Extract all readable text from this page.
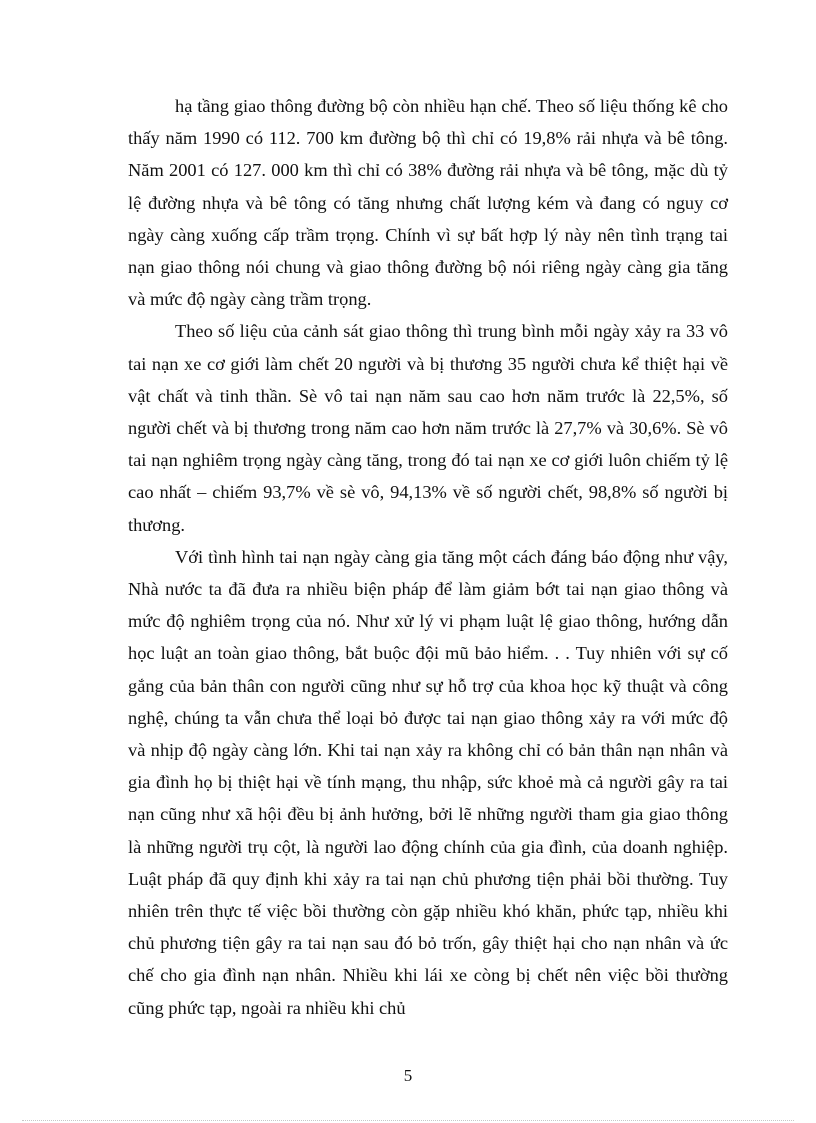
hạ tầng giao thông đường bộ còn nhiều hạn chế. Theo số liệu thống kê cho thấy năm 1990 có 112. 700 km đường bộ thì chỉ có 19,8% rải nhựa và bê tông. Năm 2001 có 127. 000 km thì chỉ có 38% đường rải nhựa và bê tông, mặc dù tỷ lệ đường nhựa và bê tông có tăng nhưng chất lượng kém và đang có nguy cơ ngày càng xuống cấp trầm trọng. Chính vì sự bất hợp lý này nên tình trạng tai nạn giao thông nói chung và giao thông đường bộ nói riêng ngày càng gia tăng và mức độ ngày càng trầm trọng.

Theo số liệu của cảnh sát giao thông thì trung bình mỗi ngày xảy ra 33 vô tai nạn xe cơ giới làm chết 20 người và bị thương 35 người chưa kể thiệt hại về vật chất và tinh thần. Sè vô tai nạn năm sau cao hơn năm trước là 22,5%, số người chết và bị thương trong năm cao hơn năm trước là 27,7% và 30,6%. Sè vô tai nạn nghiêm trọng ngày càng tăng, trong đó tai nạn xe cơ giới luôn chiếm tỷ lệ cao nhất – chiếm 93,7% về sè vô, 94,13% về số người chết, 98,8% số người bị thương.

Với tình hình tai nạn ngày càng gia tăng một cách đáng báo động như vậy, Nhà nước ta đã đưa ra nhiều biện pháp để làm giảm bớt tai nạn giao thông và mức độ nghiêm trọng của nó. Như xử lý vi phạm luật lệ giao thông, hướng dẫn học luật an toàn giao thông, bắt buộc đội mũ bảo hiểm. . . Tuy nhiên với sự cố gắng của bản thân con người cũng như sự hỗ trợ của khoa học kỹ thuật và công nghệ, chúng ta vẫn chưa thể loại bỏ được tai nạn giao thông xảy ra với mức độ và nhịp độ ngày càng lớn. Khi tai nạn xảy ra không chỉ có bản thân nạn nhân và gia đình họ bị thiệt hại về tính mạng, thu nhập, sức khoẻ mà cả người gây ra tai nạn cũng như xã hội đều bị ảnh hưởng, bởi lẽ những người tham gia giao thông là những người trụ cột, là người lao động chính của gia đình, của doanh nghiệp. Luật pháp đã quy định khi xảy ra tai nạn chủ phương tiện phải bồi thường. Tuy nhiên trên thực tế việc bồi thường còn gặp nhiều khó khăn, phức tạp, nhiều khi chủ phương tiện gây ra tai nạn sau đó bỏ trốn, gây thiệt hại cho nạn nhân và ức chế cho gia đình nạn nhân. Nhiều khi lái xe còng bị chết nên việc bồi thường cũng phức tạp, ngoài ra nhiều khi chủ

5
